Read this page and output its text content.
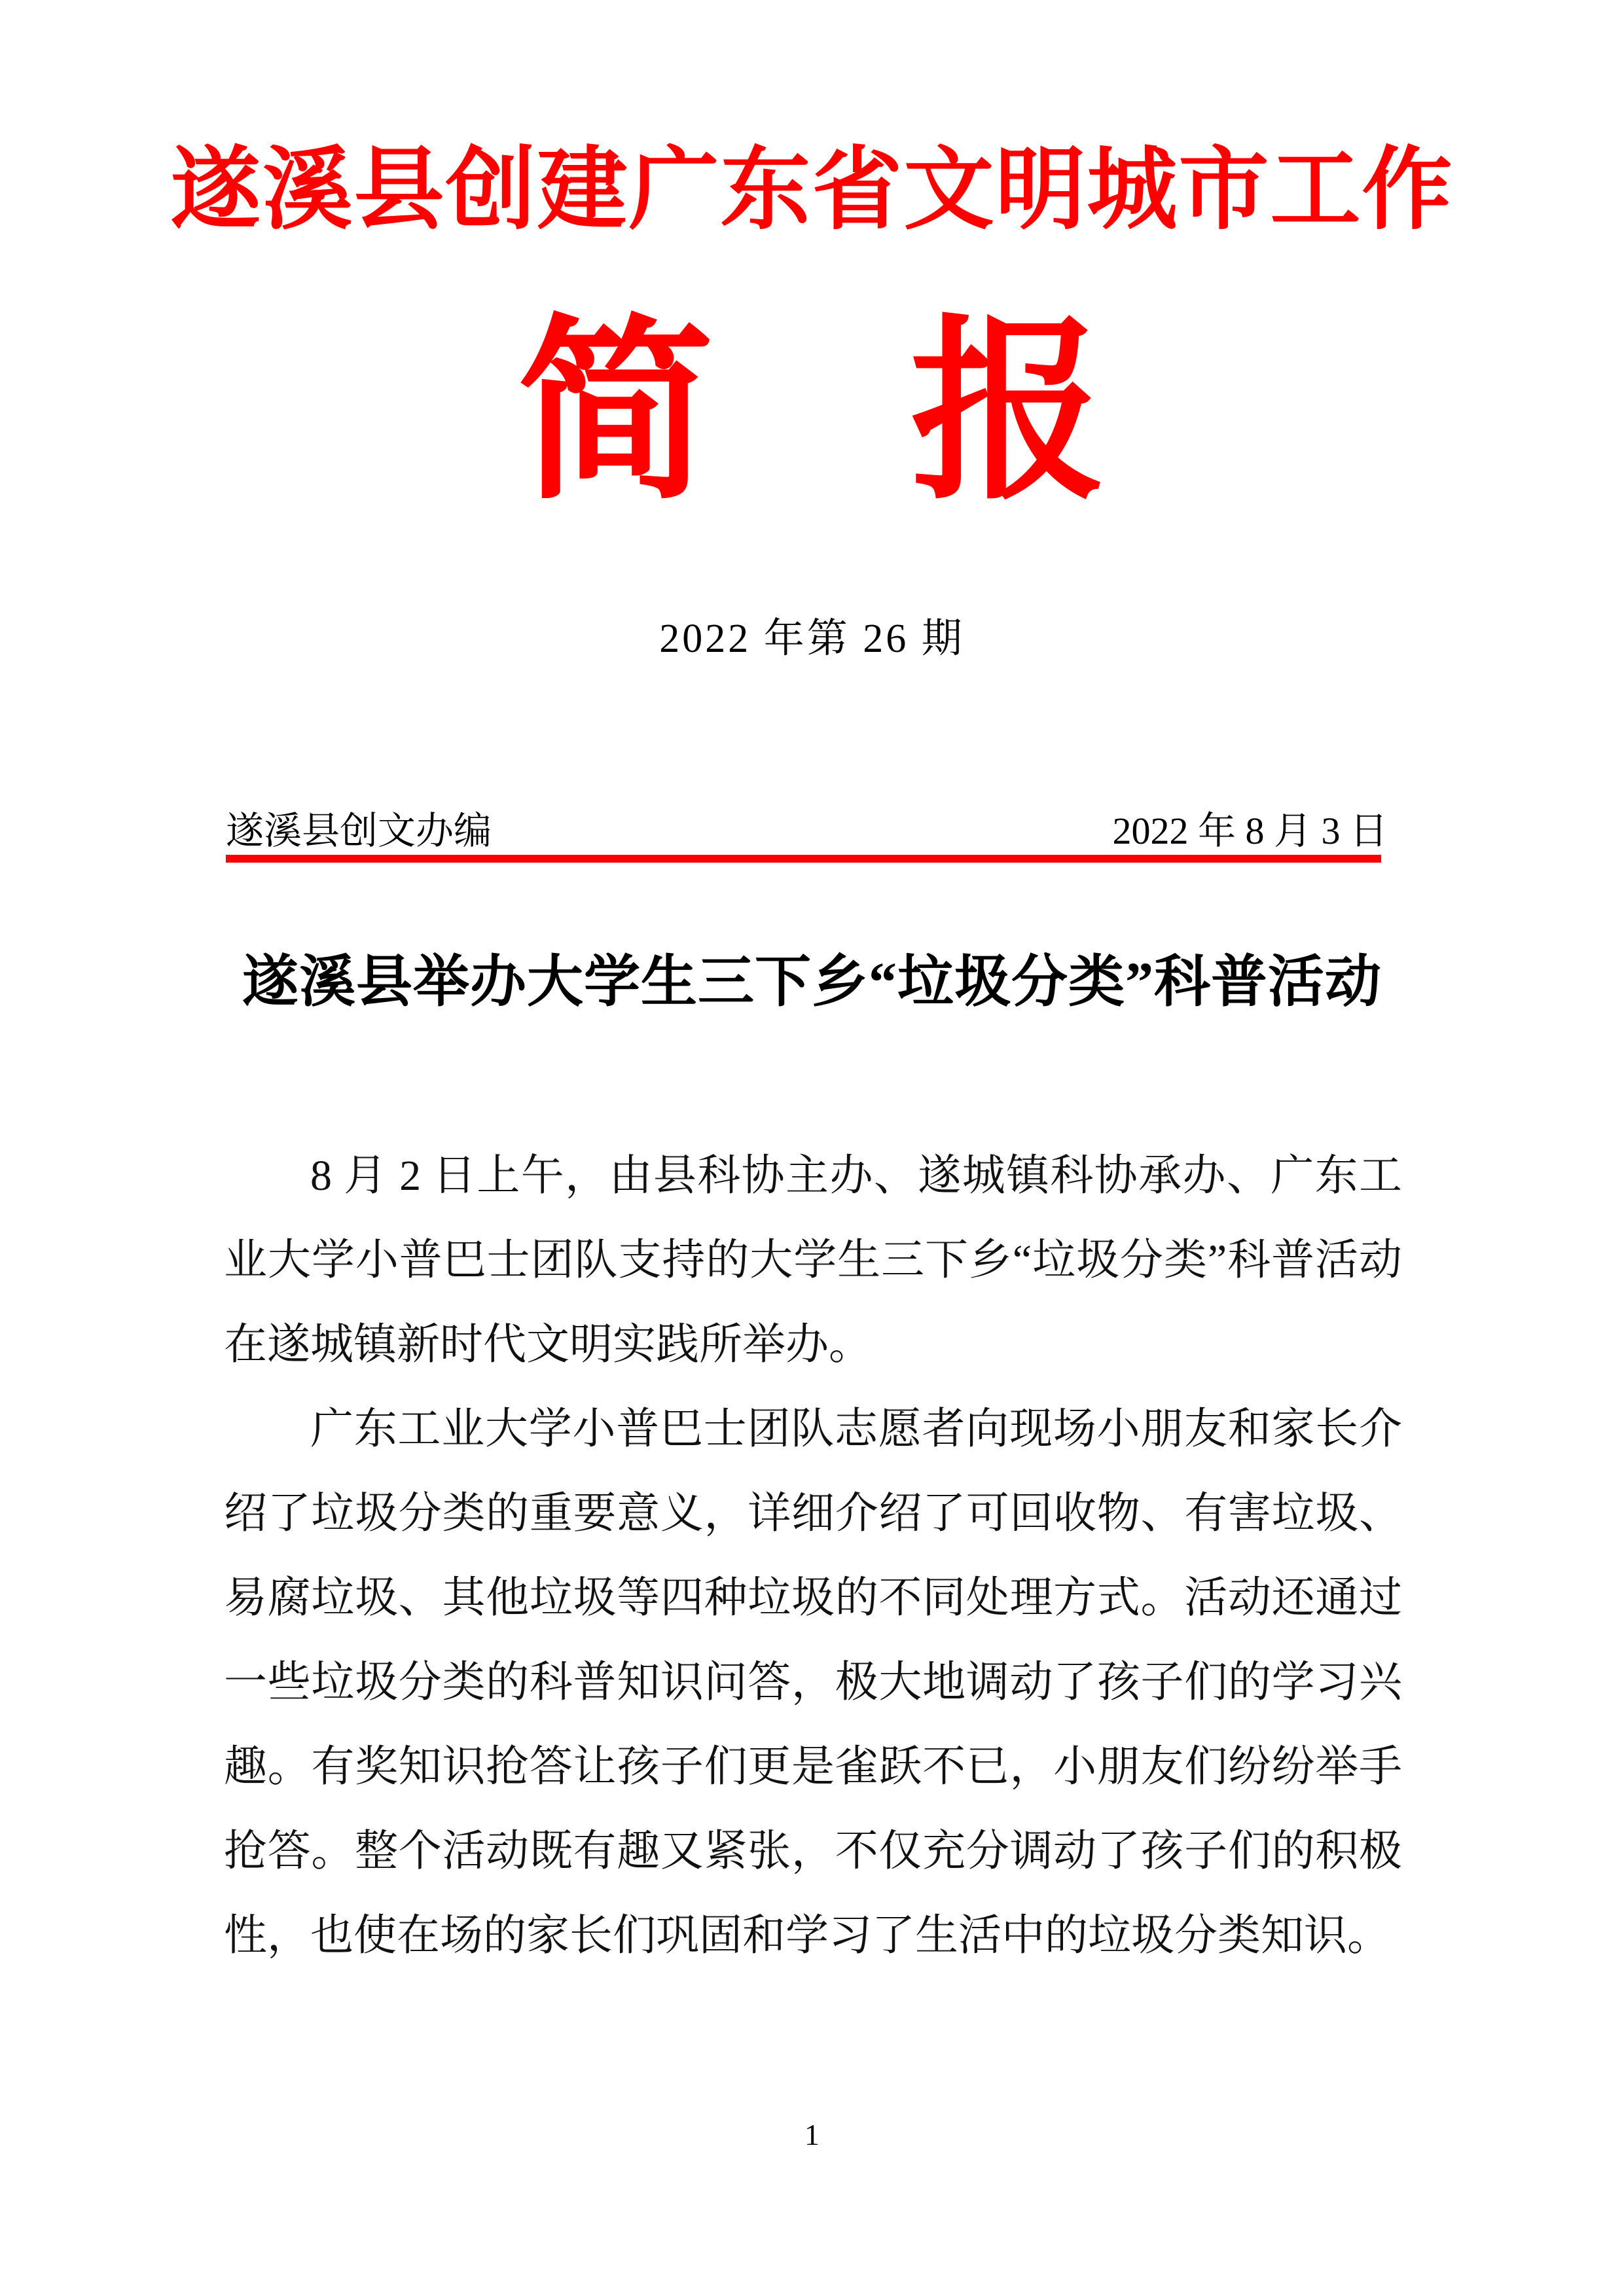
遂溪县创建广东省文明城市工作
简 报
2022 年第 26 期
遂溪县创文办编	2022 年 8 月 3 日
遂溪县举办大学生三下乡“垃圾分类”科普活动

8 月 2 日上午，由县科协主办、遂城镇科协承办、广东工业大学小普巴士团队支持的大学生三下乡“垃圾分类”科普活动在遂城镇新时代文明实践所举办。

广东工业大学小普巴士团队志愿者向现场小朋友和家长介绍了垃圾分类的重要意义，详细介绍了可回收物、有害垃圾、易腐垃圾、其他垃圾等四种垃圾的不同处理方式。活动还通过一些垃圾分类的科普知识问答，极大地调动了孩子们的学习兴趣。有奖知识抢答让孩子们更是雀跃不已，小朋友们纷纷举手抢答。整个活动既有趣又紧张，不仅充分调动了孩子们的积极性，也使在场的家长们巩固和学习了生活中的垃圾分类知识。

1
